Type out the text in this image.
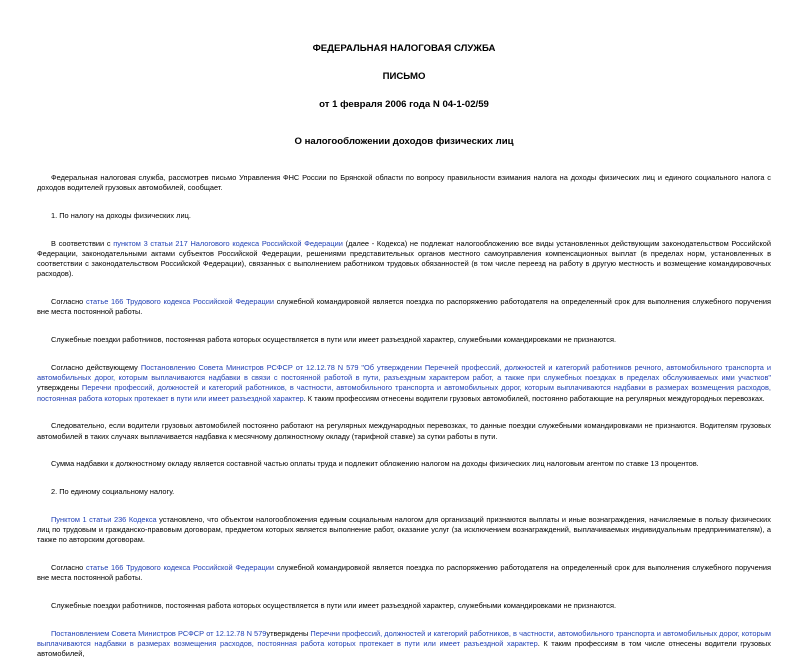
ФЕДЕРАЛЬНАЯ НАЛОГОВАЯ СЛУЖБА
ПИСЬМО
от 1 февраля 2006 года N 04-1-02/59
О налогообложении доходов физических лиц

Федеральная налоговая служба, рассмотрев письмо Управления ФНС России по Брянской области по вопросу правильности взимания налога на доходы физических лиц и единого социального налога с доходов водителей грузовых автомобилей, сообщает.

1. По налогу на доходы физических лиц.

В соответствии с пунктом 3 статьи 217 Налогового кодекса Российской Федерации (далее - Кодекса) не подлежат налогообложению все виды установленных действующим законодательством Российской Федерации, законодательными актами субъектов Российской Федерации, решениями представительных органов местного самоуправления компенсационных выплат (в пределах норм, установленных в соответствии с законодательством Российской Федерации), связанных с выполнением работником трудовых обязанностей (в том числе переезд на работу в другую местность и возмещение командировочных расходов).

Согласно статье 166 Трудового кодекса Российской Федерации служебной командировкой является поездка по распоряжению работодателя на определенный срок для выполнения служебного поручения вне места постоянной работы.

Служебные поездки работников, постоянная работа которых осуществляется в пути или имеет разъездной характер, служебными командировками не признаются.

Согласно действующему Постановлению Совета Министров РСФСР от 12.12.78 N 579 "Об утверждении Перечней профессий, должностей и категорий работников речного, автомобильного транспорта и автомобильных дорог, которым выплачиваются надбавки в связи с постоянной работой в пути, разъездным характером работ, а также при служебных поездках в пределах обслуживаемых ими участков" утверждены Перечни профессий, должностей и категорий работников, в частности, автомобильного транспорта и автомобильных дорог, которым выплачиваются надбавки в размерах возмещения расходов, постоянная работа которых протекает в пути или имеет разъездной характер. К таким профессиям отнесены водители грузовых автомобилей, постоянно работающие на регулярных междугородных перевозках.

Следовательно, если водители грузовых автомобилей постоянно работают на регулярных международных перевозках, то данные поездки служебными командировками не признаются. Водителям грузовых автомобилей в таких случаях выплачивается надбавка к месячному должностному окладу (тарифной ставке) за сутки работы в пути.

Сумма надбавки к должностному окладу является составной частью оплаты труда и подлежит обложению налогом на доходы физических лиц налоговым агентом по ставке 13 процентов.

2. По единому социальному налогу.

Пунктом 1 статьи 236 Кодекса установлено, что объектом налогообложения единым социальным налогом для организаций признаются выплаты и иные вознаграждения, начисляемые в пользу физических лиц по трудовым и гражданско-правовым договорам, предметом которых является выполнение работ, оказание услуг (за исключением вознаграждений, выплачиваемых индивидуальным предпринимателям), а также по авторским договорам.

Согласно статье 166 Трудового кодекса Российской Федерации служебной командировкой является поездка по распоряжению работодателя на определенный срок для выполнения служебного поручения вне места постоянной работы.

Служебные поездки работников, постоянная работа которых осуществляется в пути или имеет разъездной характер, служебными командировками не признаются.

Постановлением Совета Министров РСФСР от 12.12.78 N 579утверждены Перечни профессий, должностей и категорий работников, в частности, автомобильного транспорта и автомобильных дорог, которым выплачиваются надбавки в размерах возмещения расходов, постоянная работа которых протекает в пути или имеет разъездной характер. К таким профессиям в том числе отнесены водители грузовых автомобилей,
